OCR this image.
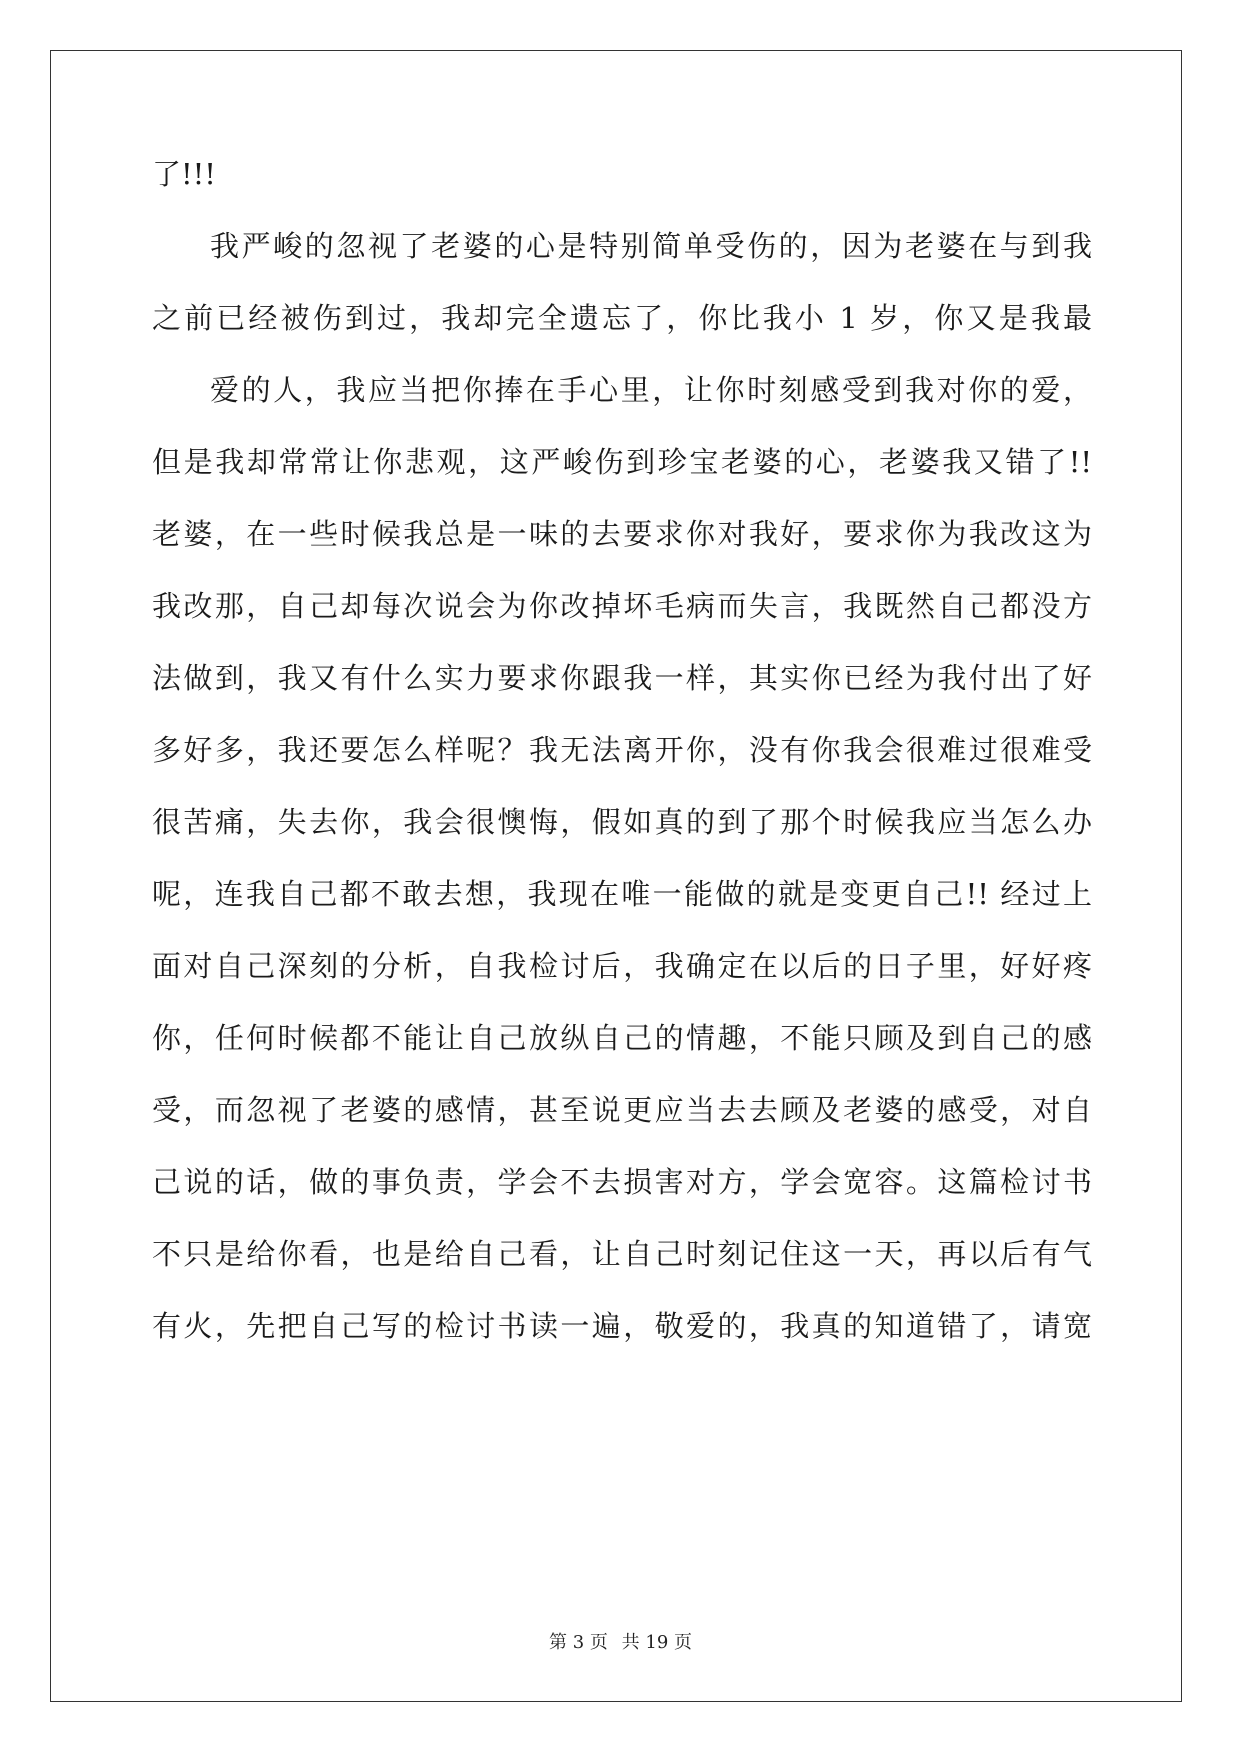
了!!!
我严峻的忽视了老婆的心是特别简单受伤的，因为老婆在与到我
之前已经被伤到过，我却完全遗忘了，你比我小 1 岁，你又是我最
爱的人，我应当把你捧在手心里，让你时刻感受到我对你的爱，
但是我却常常让你悲观，这严峻伤到珍宝老婆的心，老婆我又错了!!
老婆，在一些时候我总是一味的去要求你对我好，要求你为我改这为
我改那，自己却每次说会为你改掉坏毛病而失言，我既然自己都没方
法做到，我又有什么实力要求你跟我一样，其实你已经为我付出了好
多好多，我还要怎么样呢？我无法离开你，没有你我会很难过很难受
很苦痛，失去你，我会很懊悔，假如真的到了那个时候我应当怎么办
呢，连我自己都不敢去想，我现在唯一能做的就是变更自己!! 经过上
面对自己深刻的分析，自我检讨后，我确定在以后的日子里，好好疼
你，任何时候都不能让自己放纵自己的情趣，不能只顾及到自己的感
受，而忽视了老婆的感情，甚至说更应当去去顾及老婆的感受，对自
己说的话，做的事负责，学会不去损害对方，学会宽容。这篇检讨书
不只是给你看，也是给自己看，让自己时刻记住这一天，再以后有气
有火，先把自己写的检讨书读一遍，敬爱的，我真的知道错了，请宽
第 3 页 共 19 页
